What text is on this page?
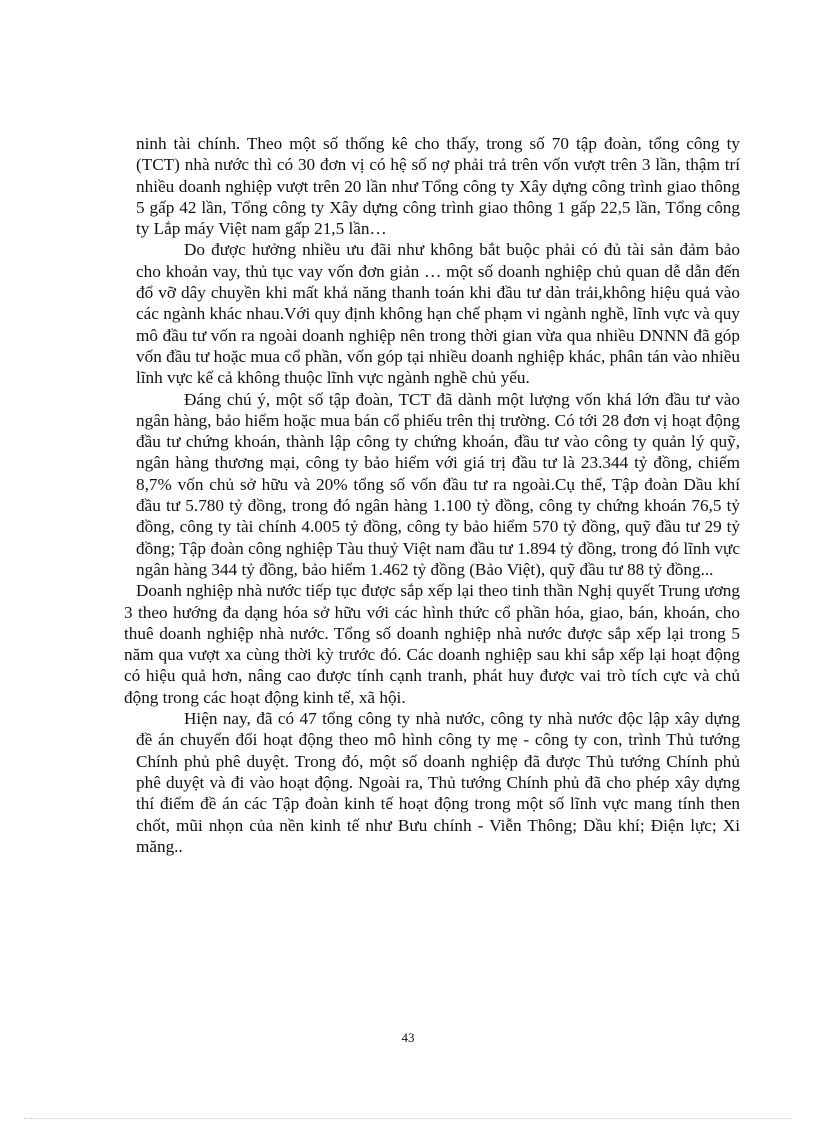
ninh tài chính. Theo một số thống kê cho thấy, trong số 70 tập đoàn, tổng công ty (TCT) nhà nước thì có 30 đơn vị có hệ số nợ phải trả trên vốn vượt trên 3 lần, thậm trí nhiều doanh nghiệp vượt trên 20 lần như Tổng công ty Xây dựng công trình giao thông 5 gấp 42 lần, Tổng công ty Xây dựng công trình giao thông 1 gấp 22,5 lần, Tổng công ty Lắp máy Việt nam gấp 21,5 lần…

Do được hưởng nhiều ưu đãi như không bắt buộc phải có đủ tài sản đảm bảo cho khoản vay, thủ tục vay vốn đơn giản … một số doanh nghiệp chủ quan dễ dẫn đến đổ vỡ dây chuyền khi mất khả năng thanh toán khi đầu tư dàn trải,không hiệu quả vào các ngành khác nhau.Với quy định không hạn chế phạm vi ngành nghề, lĩnh vực và quy mô đầu tư vốn ra ngoài doanh nghiệp nên trong thời gian vừa qua nhiều DNNN đã góp vốn đầu tư hoặc mua cổ phần, vốn góp tại nhiều doanh nghiệp khác, phân tán vào nhiều lĩnh vực kể cả không thuộc lĩnh vực ngành nghề chủ yếu.

Đáng chú ý, một số tập đoàn, TCT đã dành một lượng vốn khá lớn đầu tư vào ngân hàng, bảo hiểm hoặc mua bán cổ phiếu trên thị trường. Có tới 28 đơn vị hoạt động đầu tư chứng khoán, thành lập công ty chứng khoán, đầu tư vào công ty quản lý quỹ, ngân hàng thương mại, công ty bảo hiểm với giá trị đầu tư là 23.344 tỷ đồng, chiếm 8,7% vốn chủ sở hữu và 20% tổng số vốn đầu tư ra ngoài.Cụ thể, Tập đoàn Dầu khí đầu tư 5.780 tỷ đồng, trong đó ngân hàng 1.100 tỷ đồng, công ty chứng khoán 76,5 tỷ đồng, công ty tài chính 4.005 tỷ đồng, công ty bảo hiểm 570 tỷ đồng, quỹ đầu tư 29 tỷ đồng; Tập đoàn công nghiệp Tàu thuỷ Việt nam đầu tư 1.894 tỷ đồng, trong đó lĩnh vực ngân hàng 344 tỷ đồng, bảo hiểm 1.462 tỷ đồng (Bảo Việt), quỹ đầu tư 88 tỷ đồng...

Doanh nghiệp nhà nước tiếp tục được sắp xếp lại theo tinh thần Nghị quyết Trung ương 3 theo hướng đa dạng hóa sở hữu với các hình thức cổ phần hóa, giao, bán, khoán, cho thuê doanh nghiệp nhà nước. Tổng số doanh nghiệp nhà nước được sắp xếp lại trong 5 năm qua vượt xa cùng thời kỳ trước đó. Các doanh nghiệp sau khi sắp xếp lại hoạt động có hiệu quả hơn, nâng cao được tính cạnh tranh, phát huy được vai trò tích cực và chủ động trong các hoạt động kinh tế, xã hội.

Hiện nay, đã có 47 tổng công ty nhà nước, công ty nhà nước độc lập xây dựng đề án chuyển đổi hoạt động theo mô hình công ty mẹ - công ty con, trình Thủ tướng Chính phủ phê duyệt. Trong đó, một số doanh nghiệp đã được Thủ tướng Chính phủ phê duyệt và đi vào hoạt động. Ngoài ra, Thủ tướng Chính phủ đã cho phép xây dựng thí điểm đề án các Tập đoàn kinh tế hoạt động trong một số lĩnh vực mang tính then chốt, mũi nhọn của nền kinh tế như Bưu chính - Viễn Thông; Dầu khí; Điện lực; Xi măng..

43
